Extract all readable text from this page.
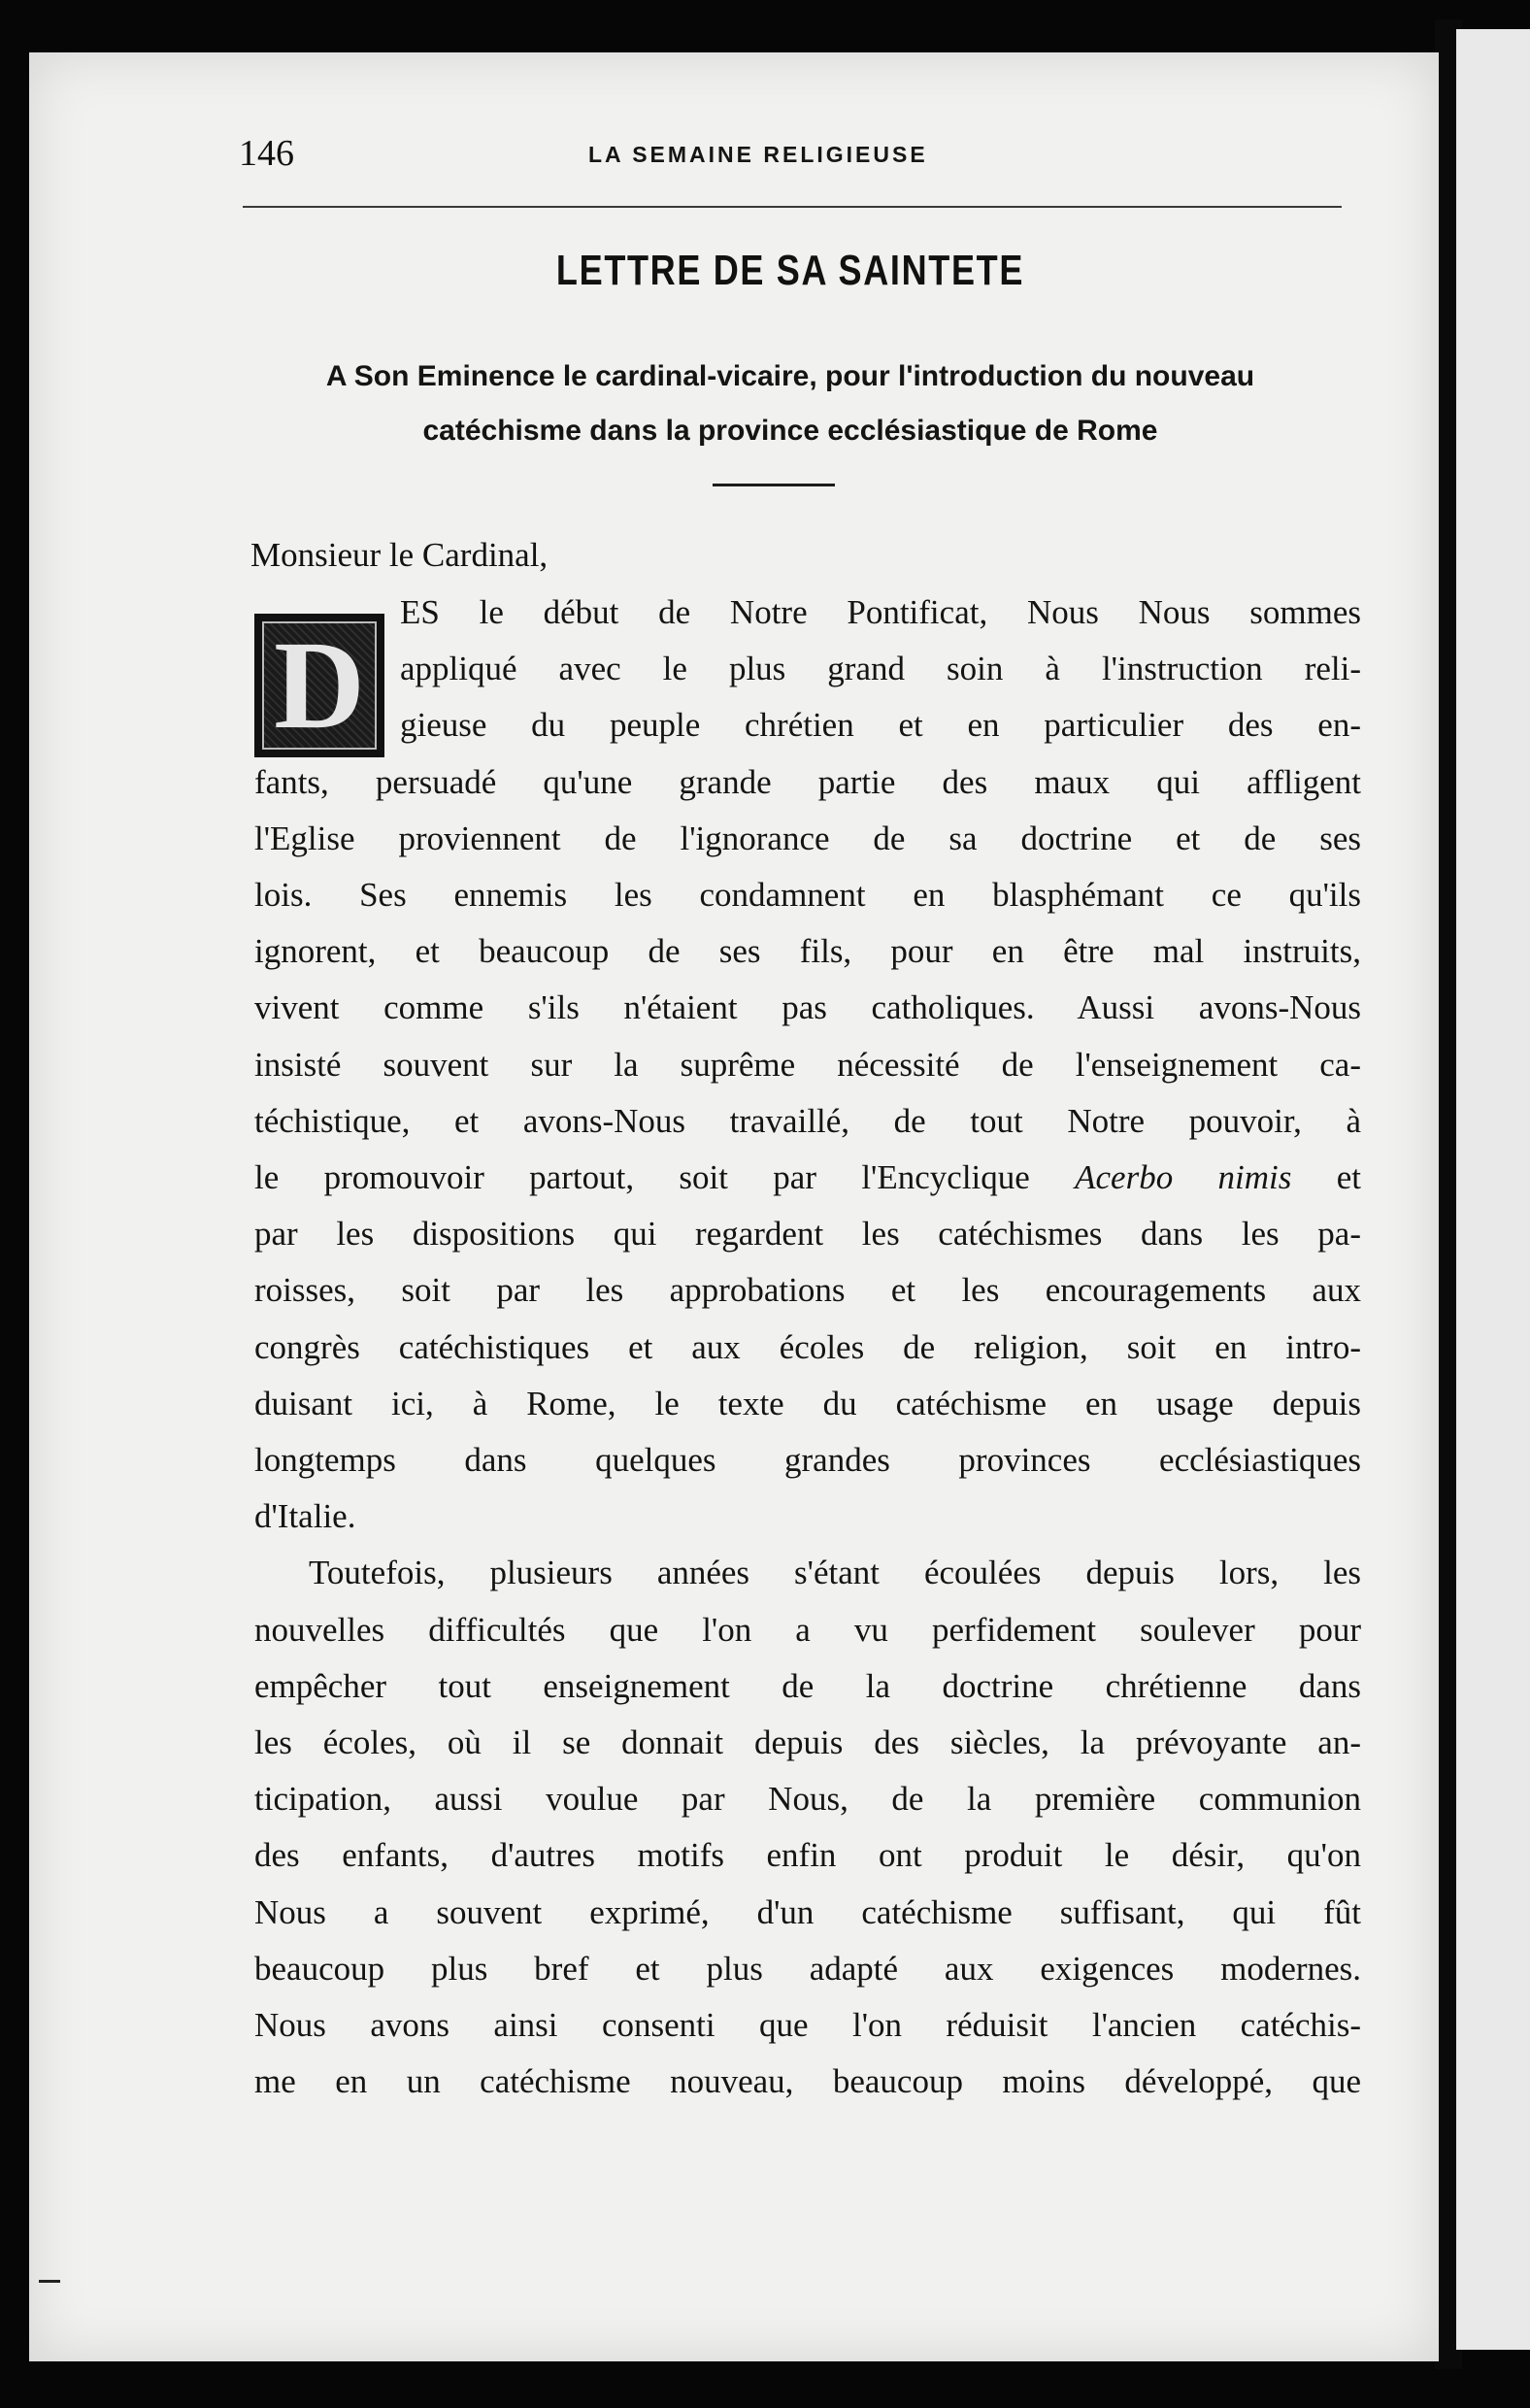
146	LA SEMAINE RELIGIEUSE
LETTRE DE SA SAINTETE
A Son Eminence le cardinal-vicaire, pour l'introduction du nouveau
catéchisme dans la province ecclésiastique de Rome
Monsieur le Cardinal,
D
ES le début de Notre Pontificat, Nous Nous sommes
appliqué avec le plus grand soin à l'instruction reli-
gieuse du peuple chrétien et en particulier des en-
fants, persuadé qu'une grande partie des maux qui affligent
l'Eglise proviennent de l'ignorance de sa doctrine et de ses
lois. Ses ennemis les condamnent en blasphémant ce qu'ils
ignorent, et beaucoup de ses fils, pour en être mal instruits,
vivent comme s'ils n'étaient pas catholiques. Aussi avons-Nous
insisté souvent sur la suprême nécessité de l'enseignement ca-
téchistique, et avons-Nous travaillé, de tout Notre pouvoir, à
le promouvoir partout, soit par l'Encyclique Acerbo nimis et
par les dispositions qui regardent les catéchismes dans les pa-
roisses, soit par les approbations et les encouragements aux
congrès catéchistiques et aux écoles de religion, soit en intro-
duisant ici, à Rome, le texte du catéchisme en usage depuis
longtemps dans quelques grandes provinces ecclésiastiques
d'Italie.
Toutefois, plusieurs années s'étant écoulées depuis lors, les
nouvelles difficultés que l'on a vu perfidement soulever pour
empêcher tout enseignement de la doctrine chrétienne dans
les écoles, où il se donnait depuis des siècles, la prévoyante an-
ticipation, aussi voulue par Nous, de la première communion
des enfants, d'autres motifs enfin ont produit le désir, qu'on
Nous a souvent exprimé, d'un catéchisme suffisant, qui fût
beaucoup plus bref et plus adapté aux exigences modernes.
Nous avons ainsi consenti que l'on réduisit l'ancien catéchis-
me en un catéchisme nouveau, beaucoup moins développé, que
